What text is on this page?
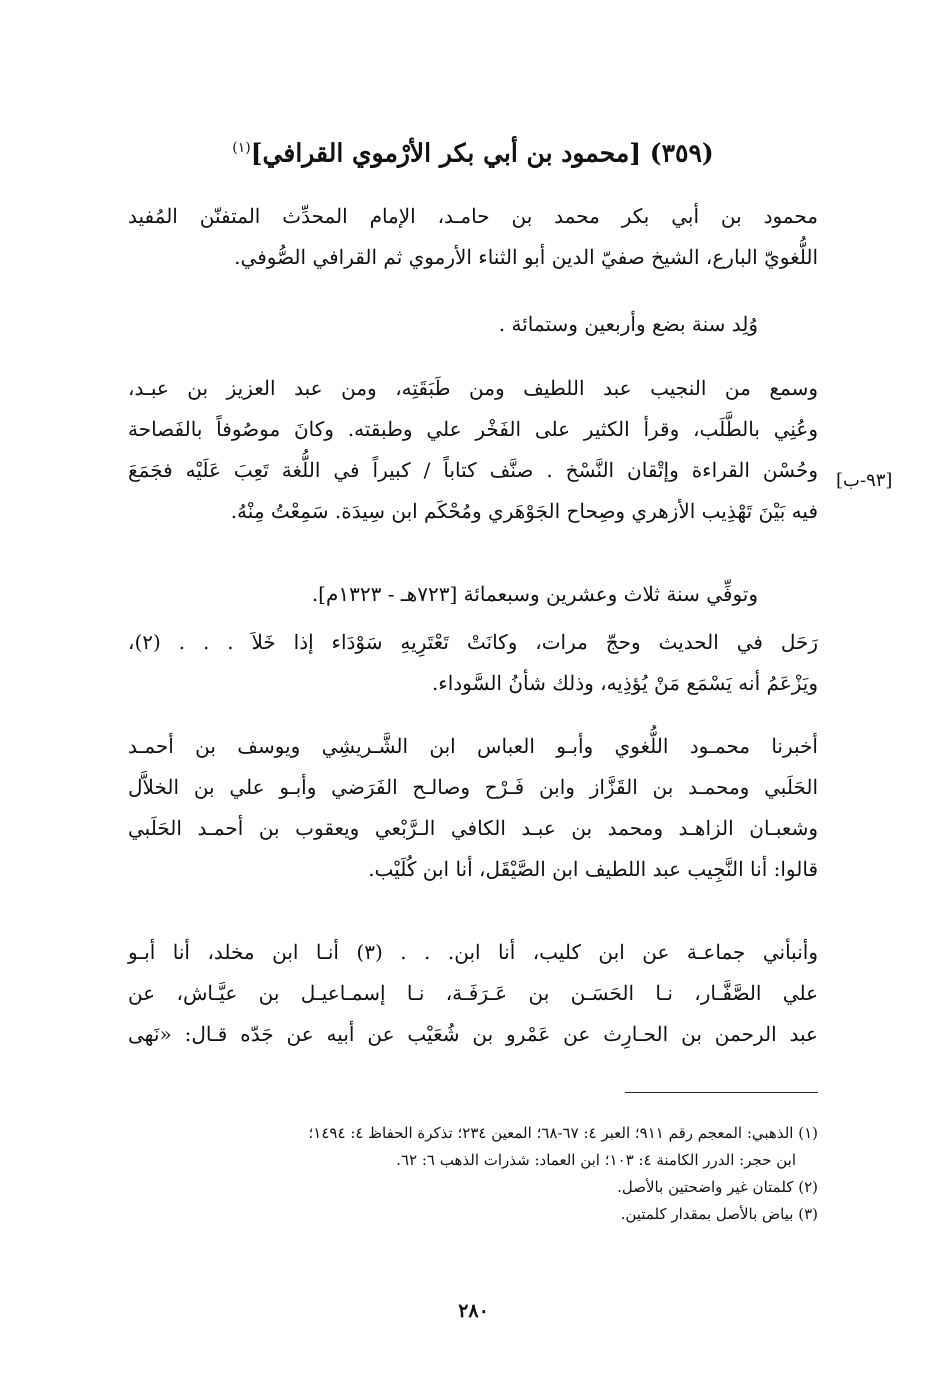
(٣٥٩) [محمود بن أبي بكر الأرْموي القرافي]$^{(١)}$
[٩٣-ب]

محمود بن أبي بكر محمد بن حامـد، الإمام المحدِّث المتفنّن المُفيد
اللُّغويّ البارع، الشيخ صفيّ الدين أبو الثناء الأرموي ثم القرافي الصُّوفي.

وُلِد سنة بضع وأربعين وستمائة .

وسمع من النجيب عبد اللطيف ومن طَبَقَتِه، ومن عبد العزيز بن عبـد،
وعُنِي بالطَّلَب، وقرأ الكثير على الفَخْر علي وطبقته. وكانَ موصُوفاً بالفَصاحة
وحُسْن القراءة وإتْقان النَّسْخ . صنَّف كتاباً / كبيراً في اللُّغة تَعِبَ عَلَيْه فجَمَعَ
فيه بَيْنَ تَهْذِيب الأزهري وصِحاح الجَوْهَري ومُحْكَم ابن سِيدَة. سَمِعْتُ مِنْهُ.

وتوفِّي سنة ثلاث وعشرين وسبعمائة [٧٢٣هـ - ١٣٢٣م].

رَحَل في الحديث وحجّ مرات، وكانَتْ تَعْتَرِيهِ سَوْدَاء إذا خَلاَ . . . (٢)،
ويَزْعَمُ أنه يَسْمَع مَنْ يُؤذِيه، وذلك شأنُ السَّوداء.

أخبرنا محمـود اللُّغوي وأبـو العباس ابن الشَّـريشِي ويوسف بن أحمـد
الحَلَبي ومحمـد بن القَزَّاز وابن فَـرْح وصالـح الفَرَضي وأبـو علي بن الخلاَّل
وشعبـان الزاهـد ومحمد بن عبـد الكافي الـرَّبْعي ويعقوب بن أحمـد الحَلَبي
قالوا: أنا النَّجِيب عبد اللطيف ابن الصَّيْقَل، أنا ابن كُلَيْب.

وأنبأني جماعـة عن ابن كليب، أنا ابن. . . (٣) أنـا ابن مخلد، أنا أبـو
علي الصَّفَّـار، نـا الحَسَـن بن عَـرَفَـة، نـا إسمـاعيـل بن عيَّـاش، عن
عبد الرحمن بن الحـارِث عن عَمْرو بن شُعَيْب عن أبيه عن جَدّه قـال: «نَهى

(١) الذهبي: المعجم رقم ٩١١؛ العبر ٤: ٦٧-٦٨؛ المعين ٢٣٤؛ تذكرة الحفاظ ٤: ١٤٩٤؛
ابن حجر: الدرر الكامنة ٤: ١٠٣؛ ابن العماد: شذرات الذهب ٦: ٦٢.
(٢) كلمتان غير واضحتين بالأصل.
(٣) بياض بالأصل بمقدار كلمتين.
٢٨٠
